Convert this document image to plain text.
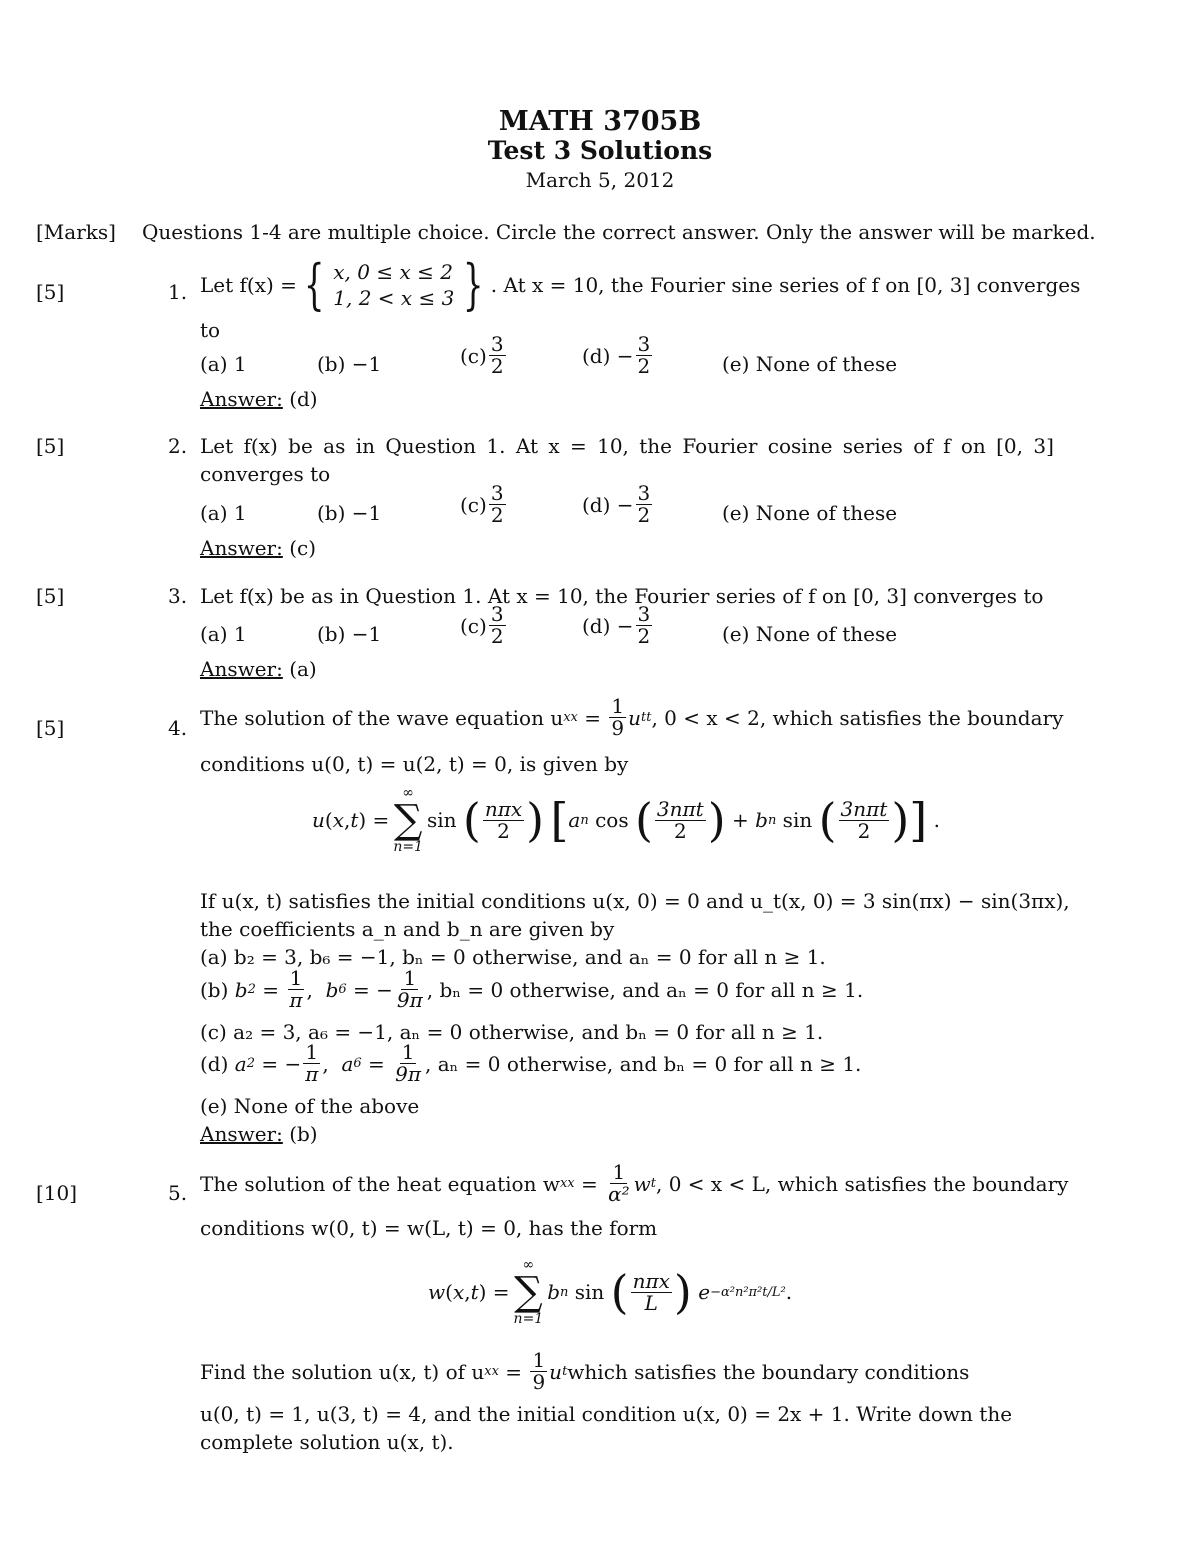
MATH 3705B
Test 3 Solutions
March 5, 2012
[Marks] Questions 1-4 are multiple choice. Circle the correct answer. Only the answer will be marked.
[5]	1. Let f(x) = { x, 0 ≤ x ≤ 2
1, 2 < x ≤ 3 } . At x = 10, the Fourier sine series of f on [0, 3] converges
to
(a) 1	(b) −1	$(c) \frac{3}{2}$	$(d) - \frac{3}{2}$	(e) None of these
Answer: (d)
[5]	2. Let f(x) be as in Question 1. At x = 10, the Fourier cosine series of f on [0, 3]
converges to
(a) 1	(b) −1	$(c) \frac{3}{2}$	$(d) - \frac{3}{2}$	(e) None of these
Answer: (c)
[5]	3. Let f(x) be as in Question 1. At x = 10, the Fourier series of f on [0, 3] converges to
(a) 1	(b) −1	$(c) \frac{3}{2}$	$(d) - \frac{3}{2}$	(e) None of these
Answer: (a)
[5]	4. The solution of the wave equation u xx = $\frac{1}{9}$ u tt , 0 < x < 2, which satisfies the boundary
conditions u(0, t) = u(2, t) = 0, is given by
u ( x , t ) =
∞
∑
n=1
sin ( $\frac{\text{nπx}}{2}$ )
[ a n cos ( $\frac{\text{3nπt}}{2}$ ) + b n sin ( $\frac{\text{3nπt}}{2}$ ) ] .
If u(x, t) satisfies the initial conditions u(x, 0) = 0 and u_t(x, 0) = 3 sin(πx) − sin(3πx),
the coefficients a_n and b_n are given by
(a) b₂ = 3, b₆ = −1, bₙ = 0 otherwise, and aₙ = 0 for all n ≥ 1.
(b) b $2 = \frac{1}{\pi}$ , b 6 = − $\frac{1}{9\pi}$ , bₙ = 0 otherwise, and aₙ = 0 for all n ≥ 1.
(c) a₂ = 3, a₆ = −1, aₙ = 0 otherwise, and bₙ = 0 for all n ≥ 1.
(d) a 2 = − $\frac{1}{\pi}$ , a $6 = \frac{1}{9\pi}$ , aₙ = 0 otherwise, and bₙ = 0 for all n ≥ 1.
(e) None of the above
Answer: (b)
[10]	5. The solution of the heat equation w xx = $\frac{1}{\text{α²}}$ w t , 0 < x < L, which satisfies the boundary
conditions w(0, t) = w(L, t) = 0, has the form
w ( x , t ) =
∞
∑
n=1
b n sin ( $\frac{\text{nπx}}{L}$ )
e −α²n²π²t/L² .
Find the solution u(x, t) of u xx = $\frac{1}{9}$ u t which satisfies the boundary conditions
u(0, t) = 1, u(3, t) = 4, and the initial condition u(x, 0) = 2x + 1. Write down the
complete solution u(x, t).
